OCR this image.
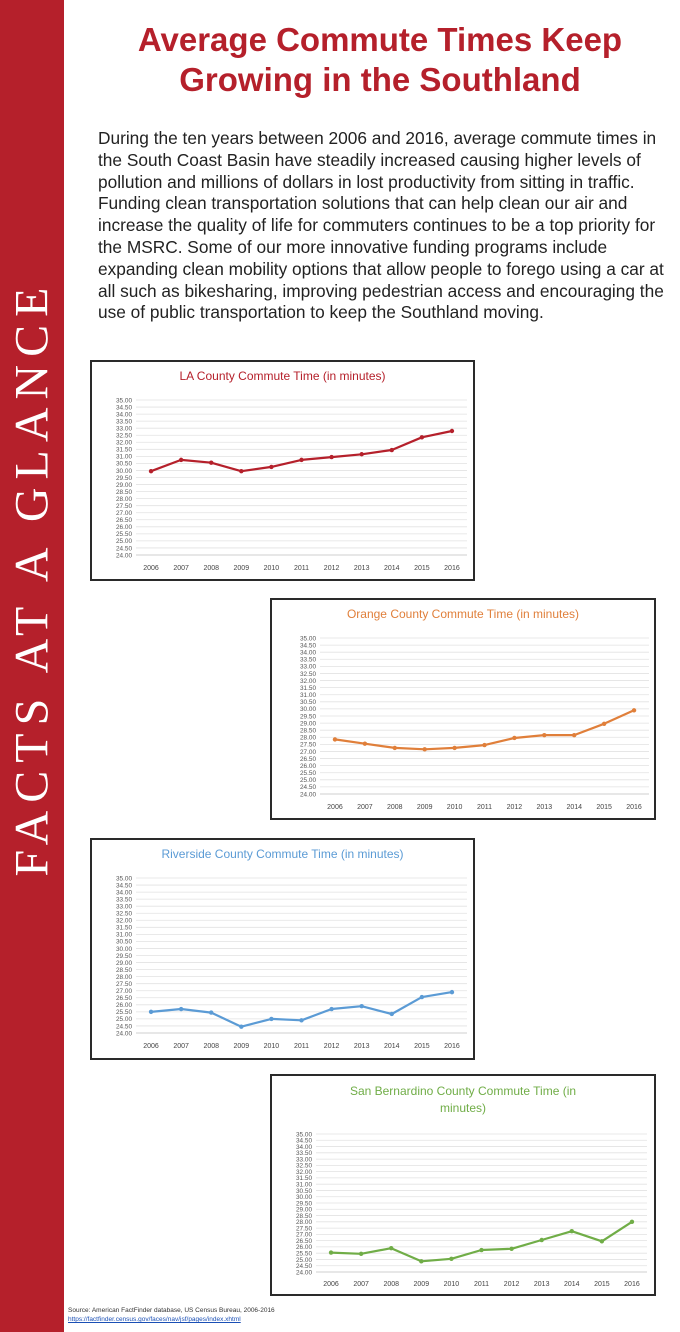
FACTS AT A GLANCE
Average Commute Times Keep
Growing in the Southland
During the ten years between 2006 and 2016, average commute times in the South Coast Basin have steadily increased causing higher levels of pollution and millions of dollars in lost productivity from sitting in traffic. Funding clean transportation solutions that can help clean our air and increase the quality of life for commuters continues to be a top priority for the MSRC. Some of our more innovative funding programs include expanding clean mobility options that allow people to forego using a car at all such as bikesharing, improving pedestrian access and encouraging the use of public transportation to keep the Southland moving.
LA County Commute Time (in minutes)
24.00
24.50
25.00
25.50
26.00
26.50
27.00
27.50
28.00
28.50
29.00
29.50
30.00
30.50
31.00
31.50
32.00
32.50
33.00
33.50
34.00
34.50
35.00
2006 2007 2008 2009 2010 2011 2012 2013 2014 2015 2016
Orange County Commute Time (in minutes)
24.00
24.50
25.00
25.50
26.00
26.50
27.00
27.50
28.00
28.50
29.00
29.50
30.00
30.50
31.00
31.50
32.00
32.50
33.00
33.50
34.00
34.50
35.00
2006 2007 2008 2009 2010 2011 2012 2013 2014 2015 2016
Riverside County Commute Time (in minutes)
24.00
24.50
25.00
25.50
26.00
26.50
27.00
27.50
28.00
28.50
29.00
29.50
30.00
30.50
31.00
31.50
32.00
32.50
33.00
33.50
34.00
34.50
35.00
2006 2007 2008 2009 2010 2011 2012 2013 2014 2015 2016
San Bernardino County Commute Time (in minutes)
24.00
24.50
25.00
25.50
26.00
26.50
27.00
27.50
28.00
28.50
29.00
29.50
30.00
30.50
31.00
31.50
32.00
32.50
33.00
33.50
34.00
34.50
35.00
2006 2007 2008 2009 2010 2011 2012 2013 2014 2015 2016
Source: American FactFinder database, US Census Bureau, 2006-2016
https://factfinder.census.gov/faces/nav/jsf/pages/index.xhtml
